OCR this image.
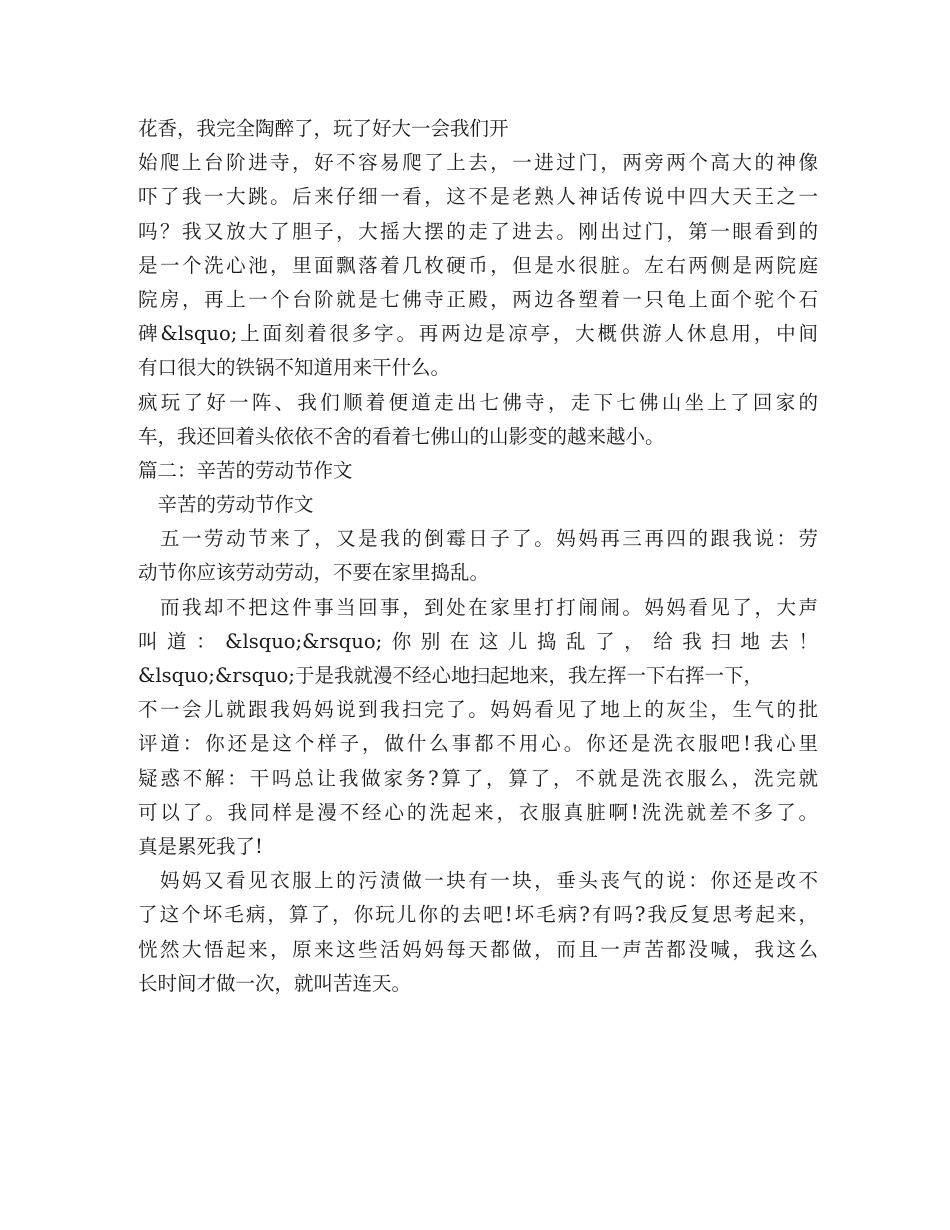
花香，我完全陶醉了，玩了好大一会我们开
始爬上台阶进寺，好不容易爬了上去，一进过门，两旁两个高大的神像
吓了我一大跳。后来仔细一看，这不是老熟人神话传说中四大天王之一
吗？我又放大了胆子，大摇大摆的走了进去。刚出过门，第一眼看到的
是一个洗心池，里面飘落着几枚硬币，但是水很脏。左右两侧是两院庭
院房，再上一个台阶就是七佛寺正殿，两边各塑着一只龟上面个驼个石
碑&lsquo;上面刻着很多字。再两边是凉亭，大概供游人休息用，中间
有口很大的铁锅不知道用来干什么。
疯玩了好一阵、我们顺着便道走出七佛寺，走下七佛山坐上了回家的
车，我还回着头依依不舍的看着七佛山的山影变的越来越小。
篇二：辛苦的劳动节作文
　辛苦的劳动节作文
　五一劳动节来了，又是我的倒霉日子了。妈妈再三再四的跟我说：劳
动节你应该劳动劳动，不要在家里捣乱。
　而我却不把这件事当回事，到处在家里打打闹闹。妈妈看见了，大声
叫道：&lsquo;&rsquo;你别在这儿捣乱了，给我扫地去！
&lsquo;&rsquo;于是我就漫不经心地扫起地来，我左挥一下右挥一下，
不一会儿就跟我妈妈说到我扫完了。妈妈看见了地上的灰尘，生气的批
评道：你还是这个样子，做什么事都不用心。你还是洗衣服吧!我心里
疑惑不解：干吗总让我做家务?算了，算了，不就是洗衣服么，洗完就
可以了。我同样是漫不经心的洗起来，衣服真脏啊!洗洗就差不多了。
真是累死我了!
　妈妈又看见衣服上的污渍做一块有一块，垂头丧气的说：你还是改不
了这个坏毛病，算了，你玩儿你的去吧!坏毛病?有吗?我反复思考起来，
恍然大悟起来，原来这些活妈妈每天都做，而且一声苦都没喊，我这么
长时间才做一次，就叫苦连天。
